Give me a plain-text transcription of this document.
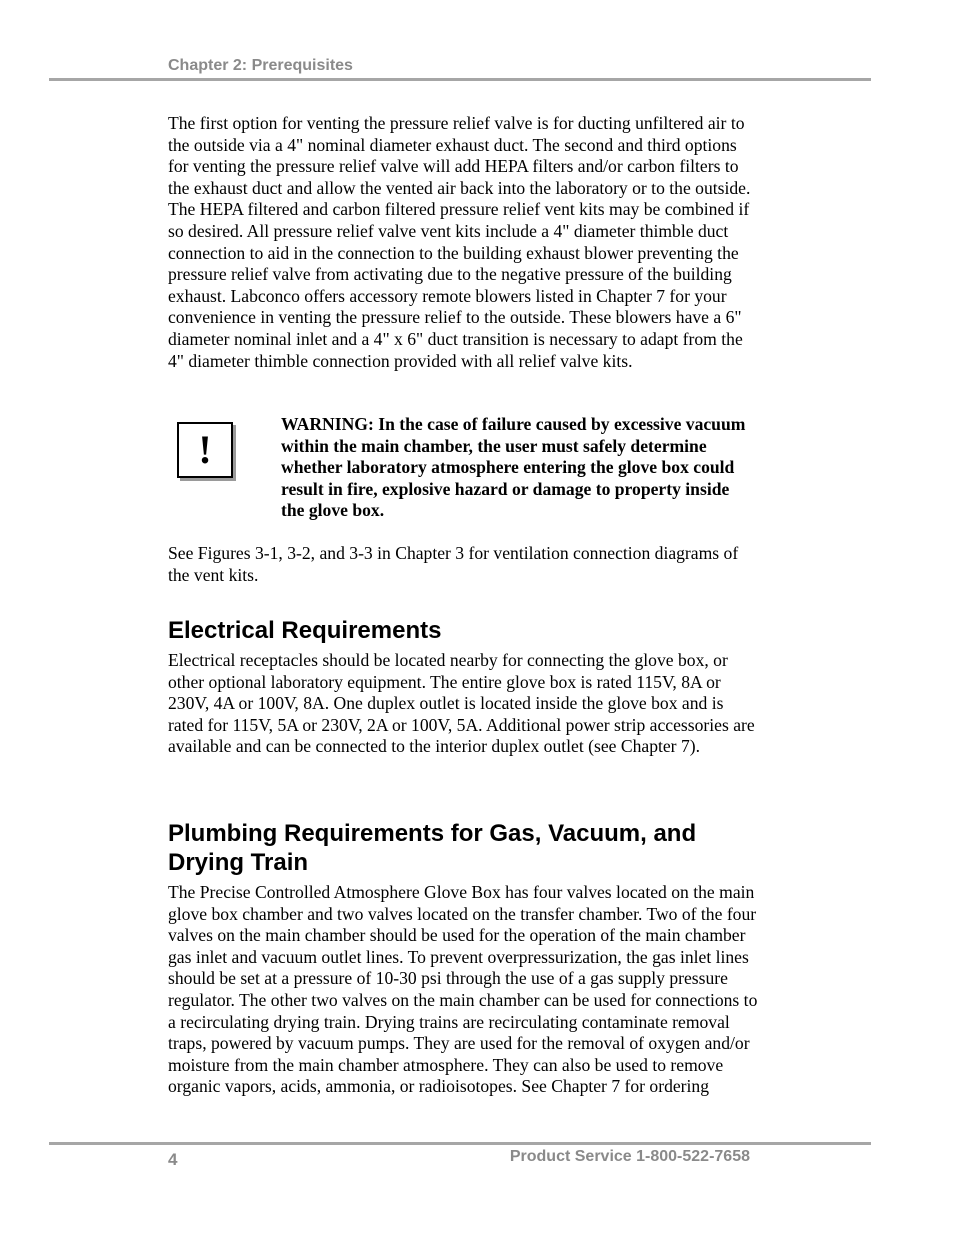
Chapter 2: Prerequisites

The first option for venting the pressure relief valve is for ducting unfiltered air to the outside via a 4" nominal diameter exhaust duct. The second and third options for venting the pressure relief valve will add HEPA filters and/or carbon filters to the exhaust duct and allow the vented air back into the laboratory or to the outside. The HEPA filtered and carbon filtered pressure relief vent kits may be combined if so desired. All pressure relief valve vent kits include a 4" diameter thimble duct connection to aid in the connection to the building exhaust blower preventing the pressure relief valve from activating due to the negative pressure of the building exhaust. Labconco offers accessory remote blowers listed in Chapter 7 for your convenience in venting the pressure relief to the outside. These blowers have a 6" diameter nominal inlet and a 4" x 6" duct transition is necessary to adapt from the 4" diameter thimble connection provided with all relief valve kits.

!

WARNING: In the case of failure caused by excessive vacuum within the main chamber, the user must safely determine whether laboratory atmosphere entering the glove box could result in fire, explosive hazard or damage to property inside the glove box.

See Figures 3-1, 3-2, and 3-3 in Chapter 3 for ventilation connection diagrams of the vent kits.

Electrical Requirements

Electrical receptacles should be located nearby for connecting the glove box, or other optional laboratory equipment. The entire glove box is rated 115V, 8A or 230V, 4A or 100V, 8A. One duplex outlet is located inside the glove box and is rated for 115V, 5A or 230V, 2A or 100V, 5A. Additional power strip accessories are available and can be connected to the interior duplex outlet (see Chapter 7).

Plumbing Requirements for Gas, Vacuum, and Drying Train

The Precise Controlled Atmosphere Glove Box has four valves located on the main glove box chamber and two valves located on the transfer chamber. Two of the four valves on the main chamber should be used for the operation of the main chamber gas inlet and vacuum outlet lines. To prevent overpressurization, the gas inlet lines should be set at a pressure of 10-30 psi through the use of a gas supply pressure regulator. The other two valves on the main chamber can be used for connections to a recirculating drying train. Drying trains are recirculating contaminate removal traps, powered by vacuum pumps. They are used for the removal of oxygen and/or moisture from the main chamber atmosphere. They can also be used to remove organic vapors, acids, ammonia, or radioisotopes. See Chapter 7 for ordering

4	Product Service 1-800-522-7658
